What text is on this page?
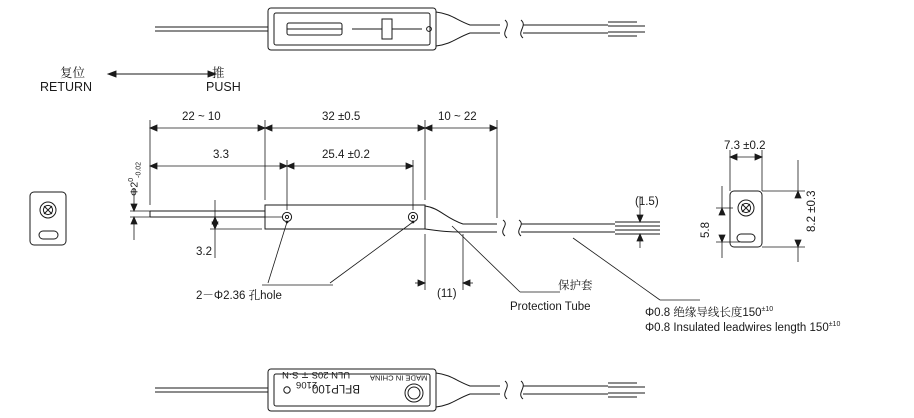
复位
RETURN
推
PUSH
22 ~ 10	32 ±0.5	10 ~ 22
3.3	25.4 ±0.2
$\Phi 2^0_{-0.02}$
3.2
2－Φ2.36 孔hole	(11)
保护套
Protection Tube
(1.5)
Φ0.8 绝缘导线长度$150^{\pm 10}$
Φ0.8 Insulated leadwires length $150^{\pm 10}$
7.3 ±0.2
8.2 ±0.3
5.8
BFLP100
ULN 20S ∓ S·N
2106
MADE IN CHINA
